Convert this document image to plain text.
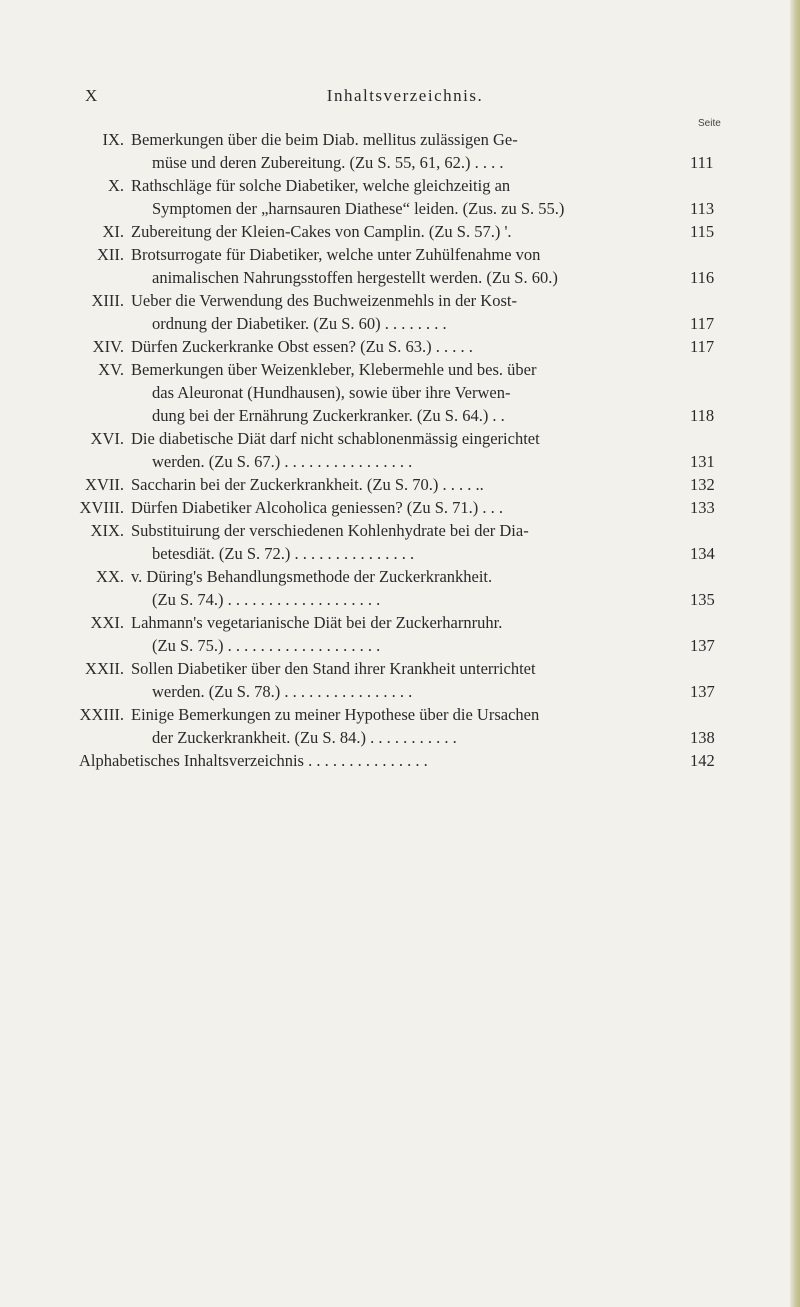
X	Inhaltsverzeichnis.
Seite
IX. Bemerkungen über die beim Diab. mellitus zulässigen Ge-
müse und deren Zubereitung. (Zu S. 55, 61, 62.) . . . .	111
X. Rathschläge für solche Diabetiker, welche gleichzeitig an
Symptomen der „harnsauren Diathese“ leiden. (Zus. zu S. 55.)	113
XI. Zubereitung der Kleien-Cakes von Camplin. (Zu S. 57.) '.	115
XII. Brotsurrogate für Diabetiker, welche unter Zuhülfenahme von
animalischen Nahrungsstoffen hergestellt werden. (Zu S. 60.)	116
XIII. Ueber die Verwendung des Buchweizenmehls in der Kost-
ordnung der Diabetiker. (Zu S. 60) . . . . . . . .	117
XIV. Dürfen Zuckerkranke Obst essen? (Zu S. 63.) . . . . .	117
XV. Bemerkungen über Weizenkleber, Klebermehle und bes. über
das Aleuronat (Hundhausen), sowie über ihre Verwen-
dung bei der Ernährung Zuckerkranker. (Zu S. 64.) . .	118
XVI. Die diabetische Diät darf nicht schablonenmässig eingerichtet
werden. (Zu S. 67.) . . . . . . . . . . . . . . . .	131
XVII. Saccharin bei der Zuckerkrankheit. (Zu S. 70.) . . . . ..	132
XVIII. Dürfen Diabetiker Alcoholica geniessen? (Zu S. 71.) . . .	133
XIX. Substituirung der verschiedenen Kohlenhydrate bei der Dia-
betesdiät. (Zu S. 72.) . . . . . . . . . . . . . . .	134
XX. v. Düring's Behandlungsmethode der Zuckerkrankheit.
(Zu S. 74.) . . . . . . . . . . . . . . . . . . .	135
XXI. Lahmann's vegetarianische Diät bei der Zuckerharnruhr.
(Zu S. 75.) . . . . . . . . . . . . . . . . . . .	137
XXII. Sollen Diabetiker über den Stand ihrer Krankheit unterrichtet
werden. (Zu S. 78.) . . . . . . . . . . . . . . . .	137
XXIII. Einige Bemerkungen zu meiner Hypothese über die Ursachen
der Zuckerkrankheit. (Zu S. 84.) . . . . . . . . . . .	138
Alphabetisches Inhaltsverzeichnis . . . . . . . . . . . . . . .	142
